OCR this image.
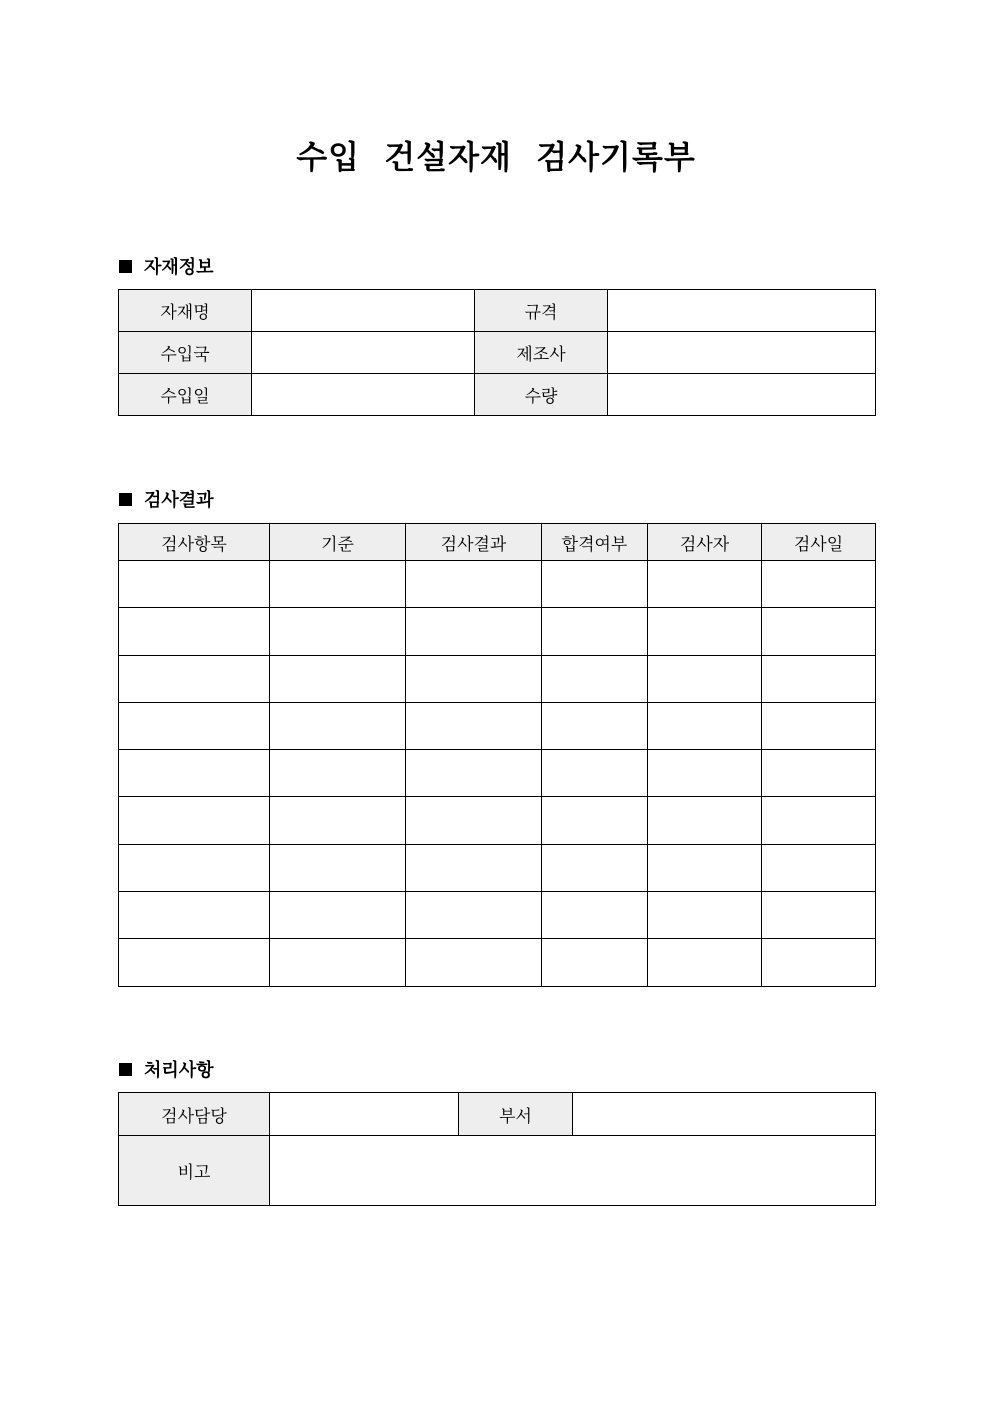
수입  건설자재  검사기록부
자재정보
자재명		규격	
수입국		제조사	
수입일		수량	
검사결과
검사항목	기준	검사결과	합격여부	검사자	검사일

처리사항
검사담당		부서	
비고			
